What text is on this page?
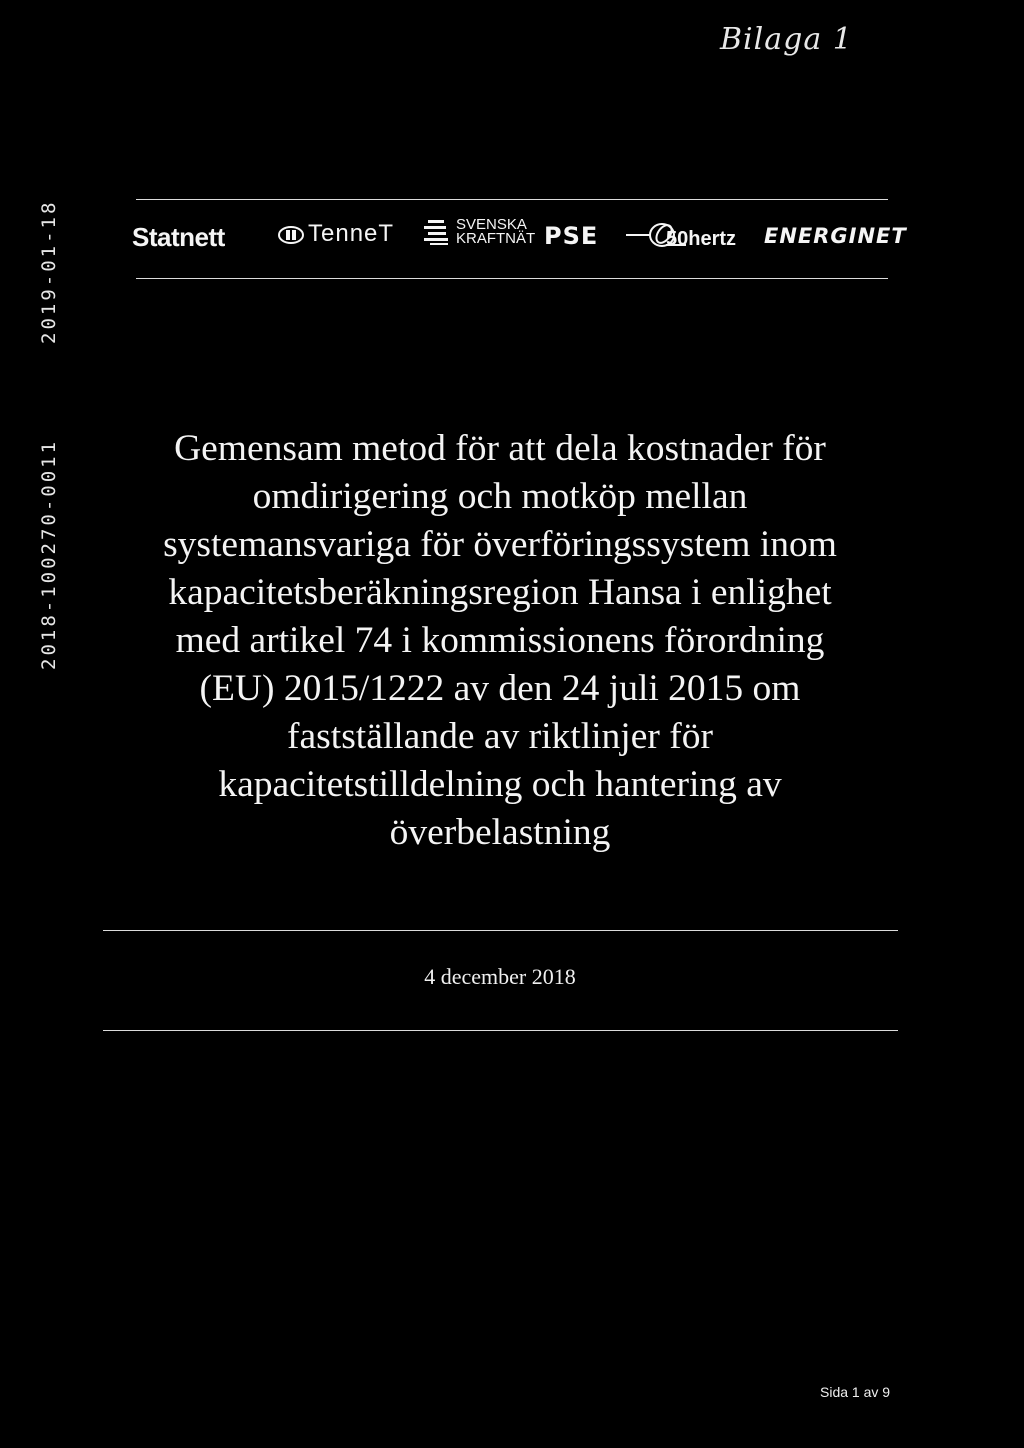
Bilaga 1
2019-01-18
2018-100270-0011
Statnett	TenneT	SVENSKA
KRAFTNÄT PSE	50hertz ENERGINET
Gemensam metod för att dela kostnader för
omdirigering och motköp mellan
systemansvariga för överföringssystem inom
kapacitetsberäkningsregion Hansa i enlighet
med artikel 74 i kommissionens förordning
(EU) 2015/1222 av den 24 juli 2015 om
fastställande av riktlinjer för
kapacitetstilldelning och hantering av
överbelastning
4 december 2018
Sida 1 av 9
